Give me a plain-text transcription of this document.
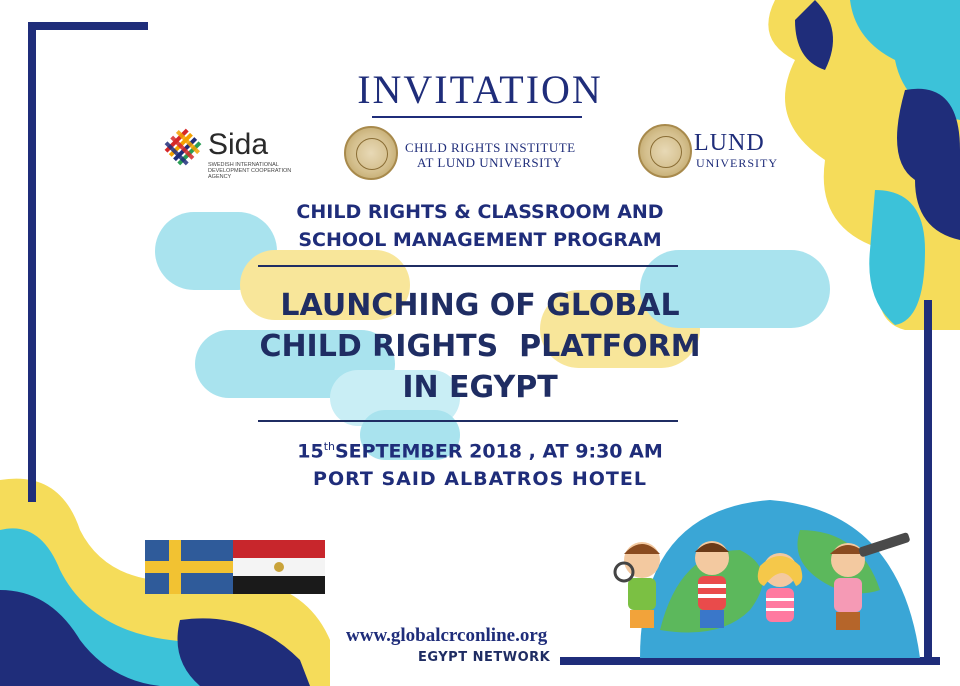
INVITATION
Sida
SWEDISH INTERNATIONAL DEVELOPMENT COOPERATION AGENCY
CHILD RIGHTS INSTITUTE
AT LUND UNIVERSITY
LUND
UNIVERSITY
CHILD RIGHTS & CLASSROOM AND
SCHOOL MANAGEMENT PROGRAM
LAUNCHING OF GLOBAL
CHILD RIGHTS  PLATFORM
IN EGYPT
15thSEPTEMBER 2018 , AT 9:30 AM
PORT SAID ALBATROS HOTEL
www.globalcrconline.org
EGYPT NETWORK
